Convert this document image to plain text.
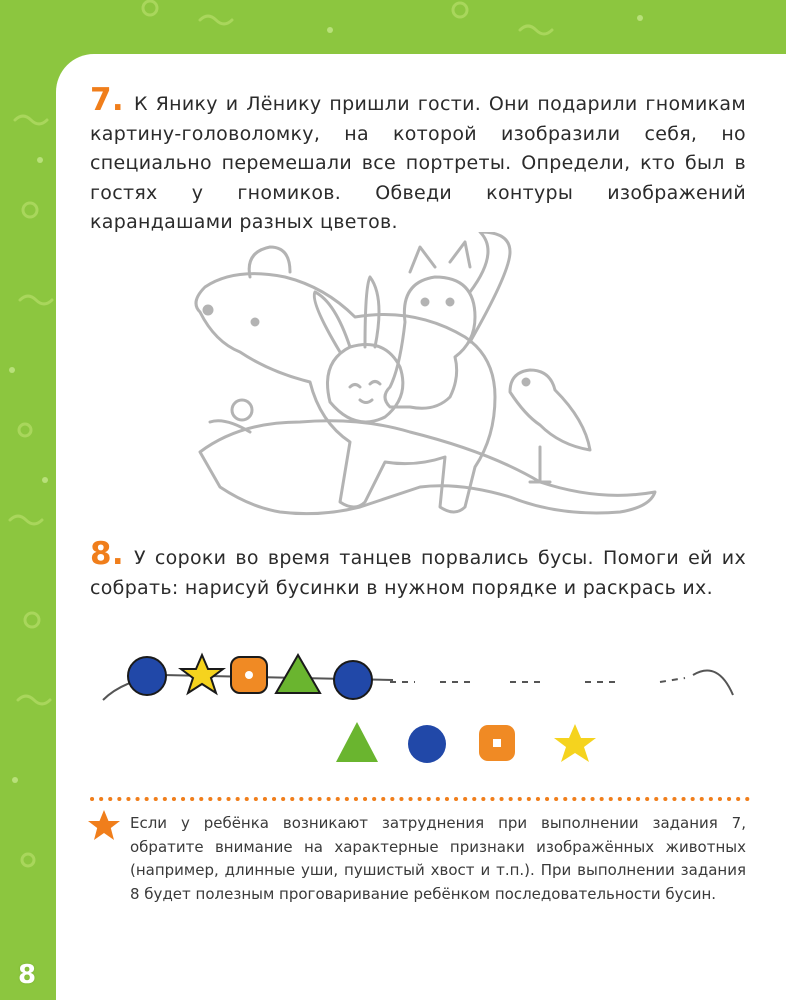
7. К Янику и Лёнику пришли гости. Они подарили гномикам картину-головоломку, на которой изобразили себя, но специально перемешали все портреты. Определи, кто был в гостях у гномиков. Обведи контуры изображений карандашами разных цветов.
8. У сороки во время танцев порвались бусы. Помоги ей их собрать: нарисуй бусинки в нужном порядке и раскрась их.
Если у ребёнка возникают затруднения при выполнении задания 7, обратите внимание на характерные признаки изображённых животных (например, длинные уши, пушистый хвост и т.п.). При выполнении задания 8 будет полезным проговаривание ребёнком последовательности бусин.
8
